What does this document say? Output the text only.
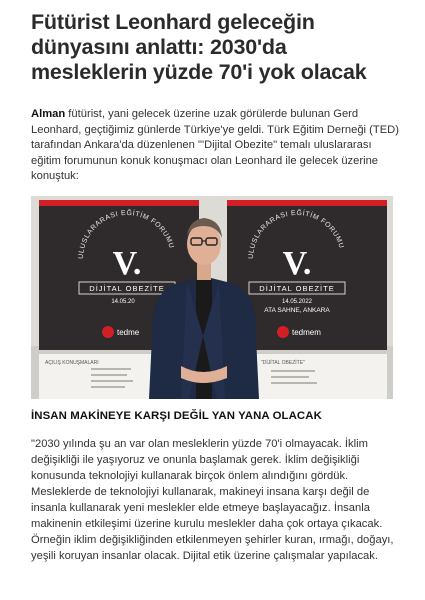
Fütürist Leonhard geleceğin dünyasını anlattı: 2030'da mesleklerin yüzde 70'i yok olacak

Alman fütürist, yani gelecek üzerine uzak görülerde bulunan Gerd Leonhard, geçtiğimiz günlerde Türkiye'ye geldi. Türk Eğitim Derneği (TED) tarafından Ankara'da düzenlenen "'Dijital Obezite" temalı uluslararası eğitim forumunun konuk konuşmacı olan Leonhard ile gelecek üzerine konuştuk:

ULUSLARARASI EĞİTİM FORUMU
V.
DİJİTAL OBEZİTE
14.05.20
tedme
ULUSLARARASI EĞİTİM FORUMU
V.
DİJİTAL OBEZİTE
14.05.2022
ATA SAHNE, ANKARA
tedmem
AÇILIŞ KONUŞMALARI	"DİJİTAL OBEZİTE"
İNSAN MAKİNEYE KARŞI DEĞİL YAN YANA OLACAK

"2030 yılında şu an var olan mesleklerin yüzde 70'i olmayacak. İklim değişikliği ile yaşıyoruz ve onunla başlamak gerek. İklim değişikliği konusunda teknolojiyi kullanarak birçok önlem alındığını gördük. Mesleklerde de teknolojiyi kullanarak, makineyi insana karşı değil de insanla kullanarak yeni meslekler elde etmeye başlayacağız. İnsanla makinenin etkileşimi üzerine kurulu meslekler daha çok ortaya çıkacak. Örneğin iklim değişikliğinden etkilenmeyen şehirler kuran, ırmağı, doğayı, yeşili koruyan insanlar olacak. Dijital etik üzerine çalışmalar yapılacak.
